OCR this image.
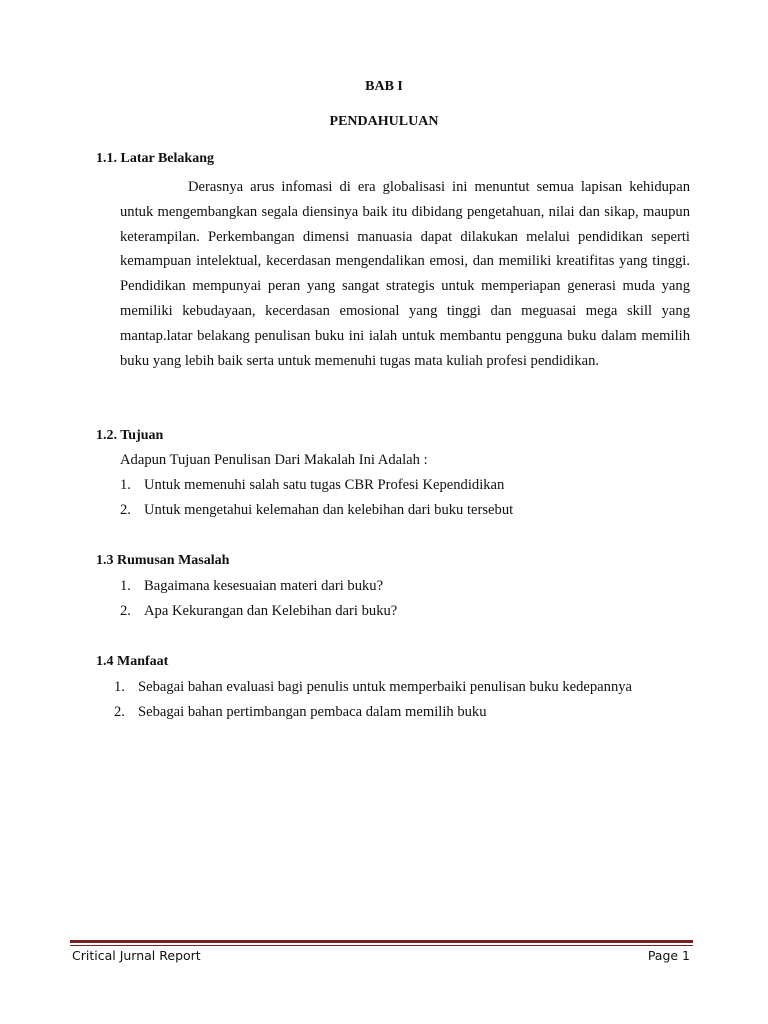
BAB I

PENDAHULUAN

1.1. Latar Belakang

Derasnya arus infomasi di era globalisasi ini menuntut semua lapisan kehidupan untuk mengembangkan segala diensinya baik itu dibidang pengetahuan, nilai dan sikap, maupun keterampilan. Perkembangan dimensi manuasia dapat dilakukan melalui pendidikan seperti kemampuan intelektual, kecerdasan mengendalikan emosi, dan memiliki kreatifitas yang tinggi. Pendidikan mempunyai peran yang sangat strategis untuk memperiapan generasi muda yang memiliki kebudayaan, kecerdasan emosional yang tinggi dan meguasai mega skill yang mantap.latar belakang penulisan buku ini ialah untuk membantu pengguna buku dalam memilih buku yang lebih baik serta untuk memenuhi tugas mata kuliah profesi pendidikan.

1.2. Tujuan

Adapun Tujuan Penulisan Dari Makalah Ini Adalah :

1. Untuk memenuhi salah satu tugas CBR Profesi Kependidikan

2. Untuk mengetahui kelemahan dan kelebihan dari buku tersebut

1.3 Rumusan Masalah

1. Bagaimana kesesuaian materi dari buku?

2. Apa Kekurangan dan Kelebihan dari buku?

1.4 Manfaat

1. Sebagai bahan evaluasi bagi penulis untuk memperbaiki penulisan buku kedepannya

2. Sebagai bahan pertimbangan pembaca dalam memilih buku

Critical Jurnal Report	Page 1
